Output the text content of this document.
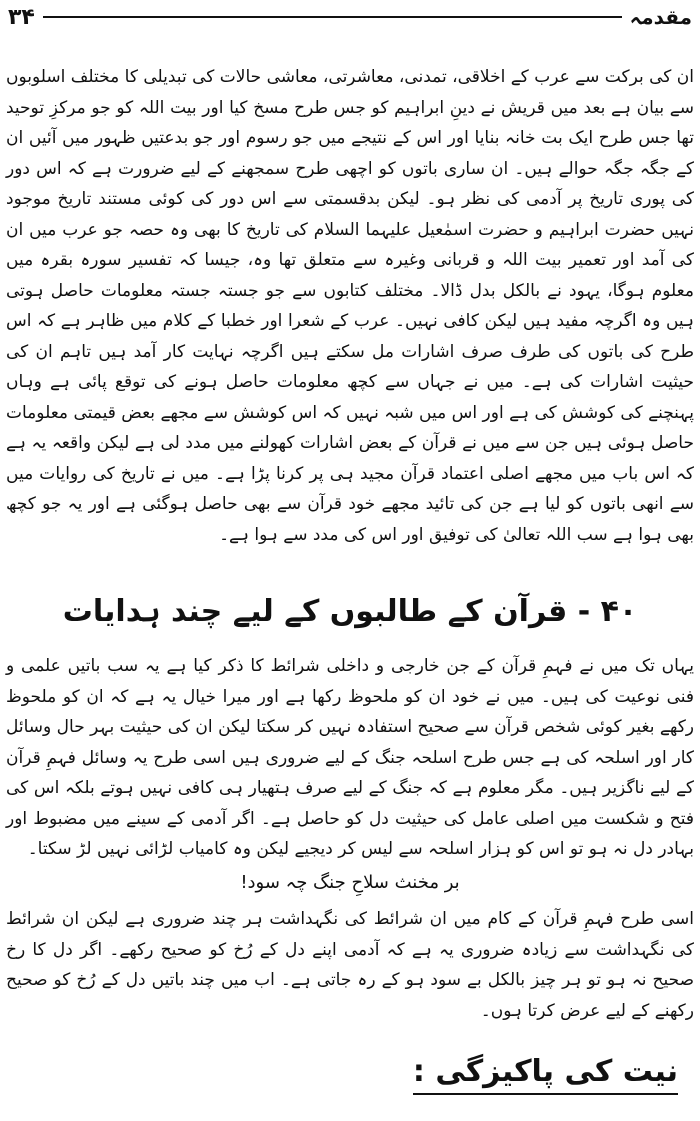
مقدمہ
۳۴

ان کی برکت سے عرب کے اخلاقی، تمدنی، معاشرتی، معاشی حالات کی تبدیلی کا مختلف اسلوبوں سے بیان ہے بعد میں قریش نے دینِ ابراہیم کو جس طرح مسخ کیا اور بیت اللہ کو جو مرکزِ توحید تھا جس طرح ایک بت خانہ بنایا اور اس کے نتیجے میں جو رسوم اور جو بدعتیں ظہور میں آئیں ان کے جگہ جگہ حوالے ہیں۔ ان ساری باتوں کو اچھی طرح سمجھنے کے لیے ضرورت ہے کہ اس دور کی پوری تاریخ پر آدمی کی نظر ہو۔ لیکن بدقسمتی سے اس دور کی کوئی مستند تاریخ موجود نہیں حضرت ابراہیم و حضرت اسمٰعیل علیہما السلام کی تاریخ کا بھی وہ حصہ جو عرب میں ان کی آمد اور تعمیر بیت اللہ و قربانی وغیرہ سے متعلق تھا وہ، جیسا کہ تفسیر سورہ بقرہ میں معلوم ہوگا، یہود نے بالکل بدل ڈالا۔ مختلف کتابوں سے جو جستہ جستہ معلومات حاصل ہوتی ہیں وہ اگرچہ مفید ہیں لیکن کافی نہیں۔ عرب کے شعرا اور خطبا کے کلام میں ظاہر ہے کہ اس طرح کی باتوں کی طرف صرف اشارات مل سکتے ہیں اگرچہ نہایت کار آمد ہیں تاہم ان کی حیثیت اشارات کی ہے۔ میں نے جہاں سے کچھ معلومات حاصل ہونے کی توقع پائی ہے وہاں پہنچنے کی کوشش کی ہے اور اس میں شبہ نہیں کہ اس کوشش سے مجھے بعض قیمتی معلومات حاصل ہوئی ہیں جن سے میں نے قرآن کے بعض اشارات کھولنے میں مدد لی ہے لیکن واقعہ یہ ہے کہ اس باب میں مجھے اصلی اعتماد قرآن مجید ہی پر کرنا پڑا ہے۔ میں نے تاریخ کی روایات میں سے انھی باتوں کو لیا ہے جن کی تائید مجھے خود قرآن سے بھی حاصل ہوگئی ہے اور یہ جو کچھ بھی ہوا ہے سب اللہ تعالیٰ کی توفیق اور اس کی مدد سے ہوا ہے۔

۴۰ - قرآن کے طالبوں کے لیے چند ہدایات

یہاں تک میں نے فہمِ قرآن کے جن خارجی و داخلی شرائط کا ذکر کیا ہے یہ سب باتیں علمی و فنی نوعیت کی ہیں۔ میں نے خود ان کو ملحوظ رکھا ہے اور میرا خیال یہ ہے کہ ان کو ملحوظ رکھے بغیر کوئی شخص قرآن سے صحیح استفادہ نہیں کر سکتا لیکن ان کی حیثیت بہر حال وسائل کار اور اسلحہ کی ہے جس طرح اسلحہ جنگ کے لیے ضروری ہیں اسی طرح یہ وسائل فہمِ قرآن کے لیے ناگزیر ہیں۔ مگر معلوم ہے کہ جنگ کے لیے صرف ہتھیار ہی کافی نہیں ہوتے بلکہ اس کی فتح و شکست میں اصلی عامل کی حیثیت دل کو حاصل ہے۔ اگر آدمی کے سینے میں مضبوط اور بہادر دل نہ ہو تو اس کو ہزار اسلحہ سے لیس کر دیجیے لیکن وہ کامیاب لڑائی نہیں لڑ سکتا۔

بر مخنث سلاحِ جنگ چہ سود!

اسی طرح فہمِ قرآن کے کام میں ان شرائط کی نگہداشت ہر چند ضروری ہے لیکن ان شرائط کی نگہداشت سے زیادہ ضروری یہ ہے کہ آدمی اپنے دل کے رُخ کو صحیح رکھے۔ اگر دل کا رخ صحیح نہ ہو تو ہر چیز بالکل بے سود ہو کے رہ جاتی ہے۔ اب میں چند باتیں دل کے رُخ کو صحیح رکھنے کے لیے عرض کرتا ہوں۔

نیت کی پاکیزگی :
